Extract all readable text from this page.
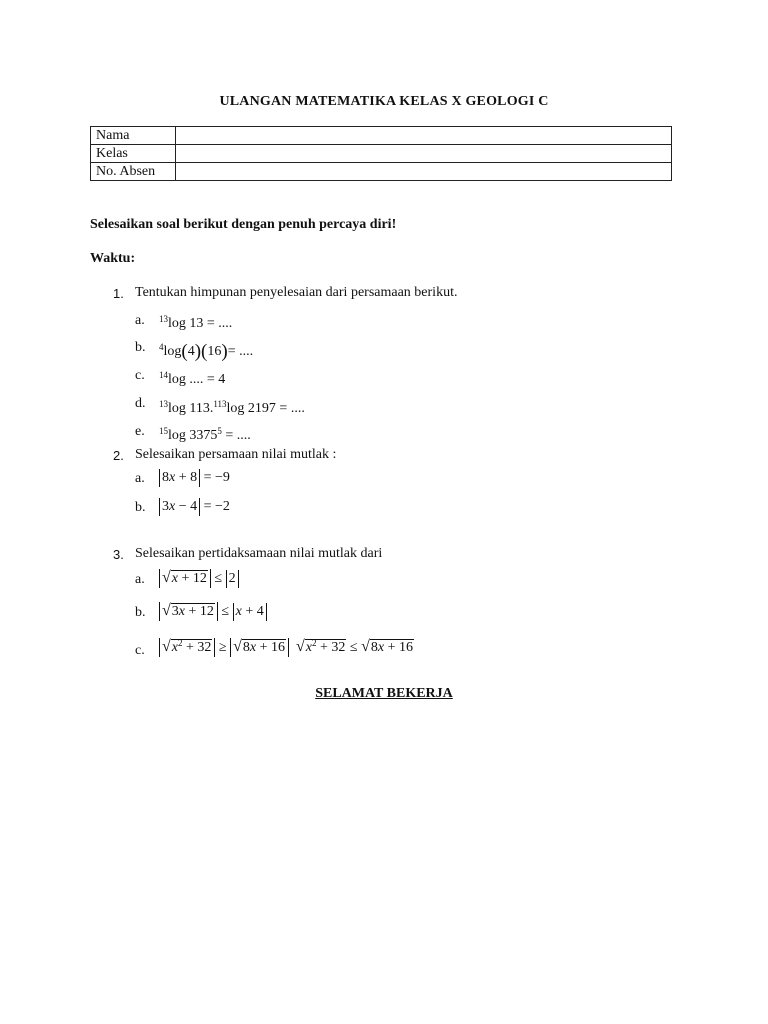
ULANGAN MATEMATIKA KELAS X GEOLOGI C
Nama	
Kelas	
No. Absen	
Selesaikan soal berikut dengan penuh percaya diri!
Waktu:
1. Tentukan himpunan penyelesaian dari persamaan berikut.
a. $^{13}$log 13 = ....
b. $^4$log(4)(16)= ....
c. $^{14}$log .... = 4
d. $^{13}$log 113.$^{113}$log 2197 = ....
e. $^{15}$log $3375^5$ = ....
2. Selesaikan persamaan nilai mutlak :
a. 8x + 8 = −9
b. 3x − 4 = −2
3. Selesaikan pertidaksamaan nilai mutlak dari
a. √x + 12 ≤ 2
b. √3x + 12 ≤ x + 4
c. $√x^2 + 32 \ge √8x + 16$ $√x^2 + 32 \le √8x + 16$
SELAMAT BEKERJA
